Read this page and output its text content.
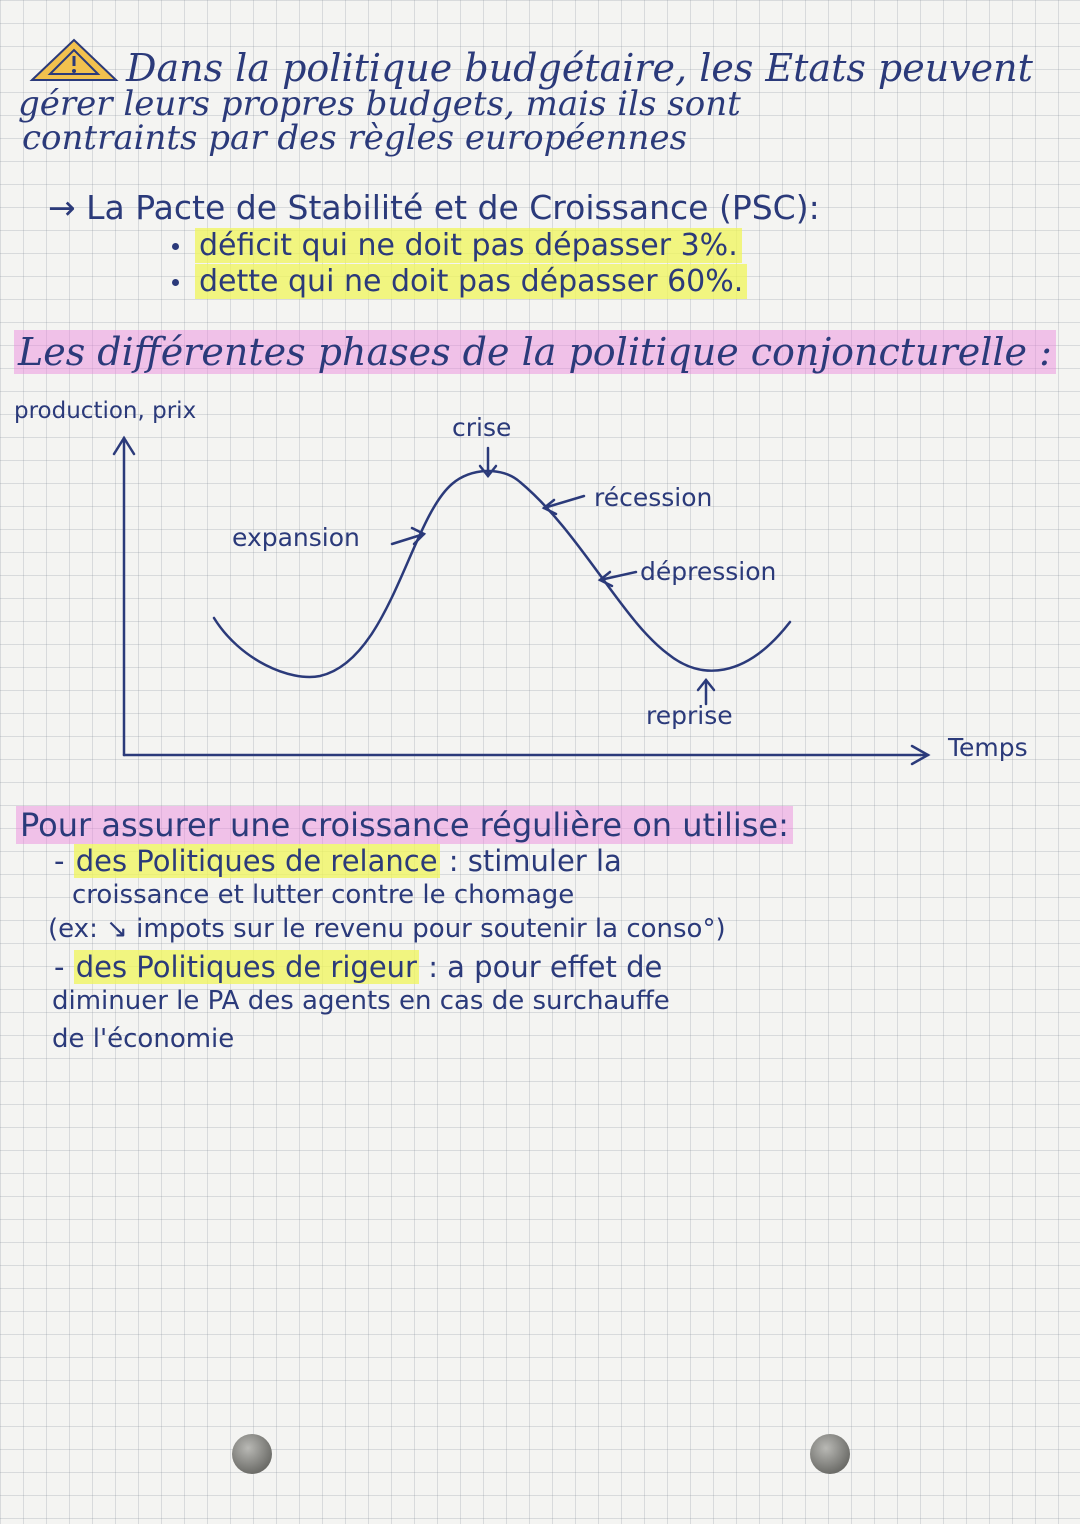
Dans la politique budgétaire, les Etats peuvent
gérer leurs propres budgets, mais ils sont
contraints par des règles européennes
→ La Pacte de Stabilité et de Croissance (PSC):
déficit qui ne doit pas dépasser 3%.
dette qui ne doit pas dépasser 60%.
Les différentes phases de la politique conjoncturelle :
production, prix
crise
récession
expansion
dépression
reprise
Temps
Pour assurer une croissance régulière on utilise:
- des Politiques de relance : stimuler la
croissance et lutter contre le chomage
(ex: ↘ impots sur le revenu pour soutenir la conso°)
- des Politiques de rigeur : a pour effet de
diminuer le PA des agents en cas de surchauffe
de l'économie
